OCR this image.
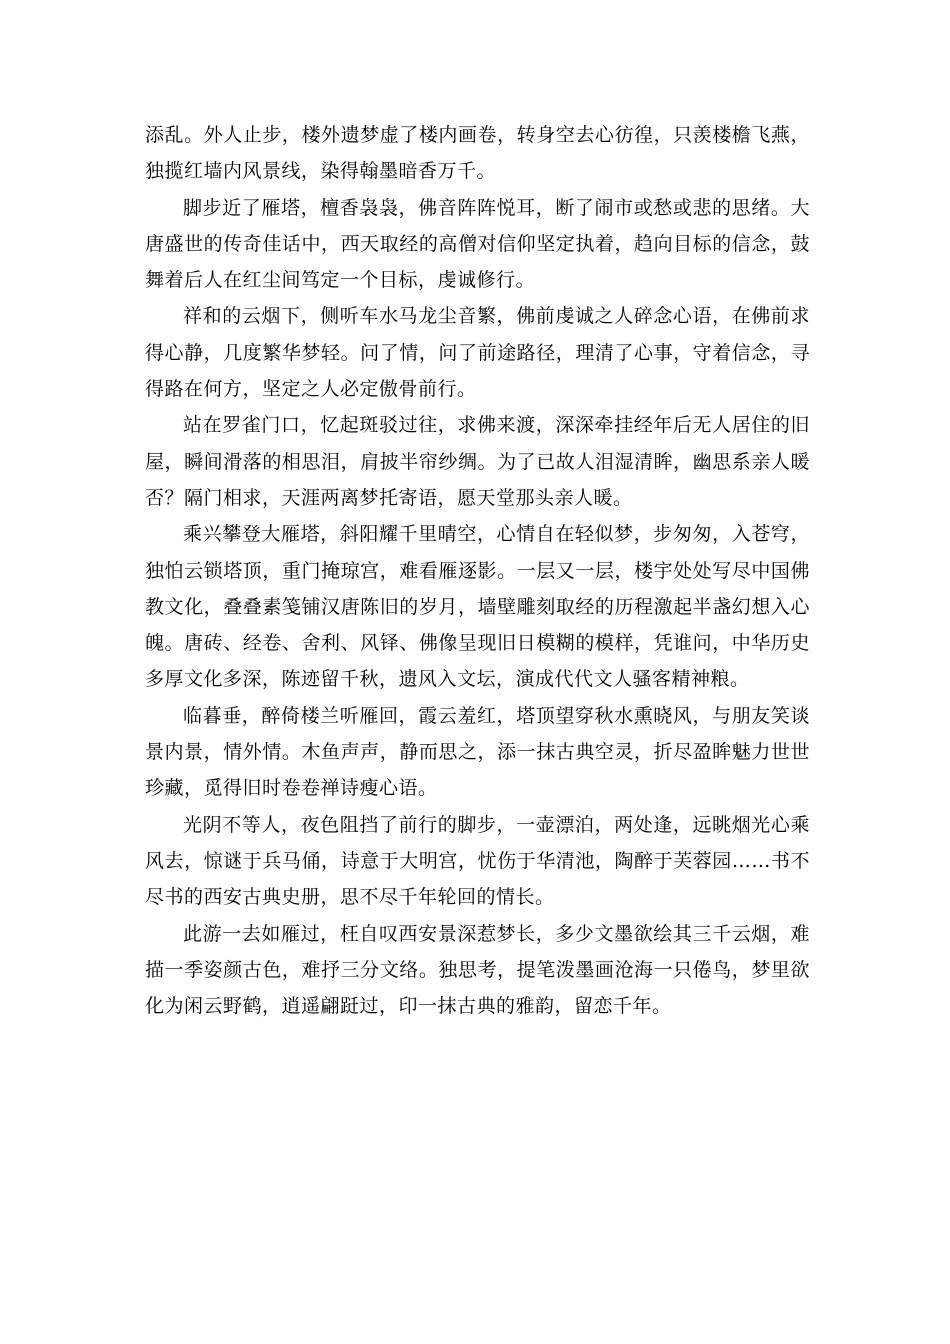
添乱。外人止步，楼外遗梦虚了楼内画卷，转身空去心彷徨，只羡楼檐飞燕，独揽红墙内风景线，染得翰墨暗香万千。

脚步近了雁塔，檀香袅袅，佛音阵阵悦耳，断了闹市或愁或悲的思绪。大唐盛世的传奇佳话中，西天取经的高僧对信仰坚定执着，趋向目标的信念，鼓舞着后人在红尘间笃定一个目标，虔诚修行。

祥和的云烟下，侧听车水马龙尘音繁，佛前虔诚之人碎念心语，在佛前求得心静，几度繁华梦轻。问了情，问了前途路径，理清了心事，守着信念，寻得路在何方，坚定之人必定傲骨前行。

站在罗雀门口，忆起斑驳过往，求佛来渡，深深牵挂经年后无人居住的旧屋，瞬间滑落的相思泪，肩披半帘纱绸。为了已故人泪湿清眸，幽思系亲人暖否？隔门相求，天涯两离梦托寄语，愿天堂那头亲人暖。

乘兴攀登大雁塔，斜阳耀千里晴空，心情自在轻似梦，步匆匆，入苍穹，独怕云锁塔顶，重门掩琼宫，难看雁逐影。一层又一层，楼宇处处写尽中国佛教文化，叠叠素笺铺汉唐陈旧的岁月，墙壁雕刻取经的历程激起半盏幻想入心魄。唐砖、经卷、舍利、风铎、佛像呈现旧日模糊的模样，凭谁问，中华历史多厚文化多深，陈迹留千秋，遗风入文坛，演成代代文人骚客精神粮。

临暮垂，醉倚楼兰听雁回，霞云羞红，塔顶望穿秋水熏晓风，与朋友笑谈景内景，情外情。木鱼声声，静而思之，添一抹古典空灵，折尽盈眸魅力世世珍藏，觅得旧时卷卷禅诗瘦心语。

光阴不等人，夜色阻挡了前行的脚步，一壶漂泊，两处逢，远眺烟光心乘风去，惊谜于兵马俑，诗意于大明宫，忧伤于华清池，陶醉于芙蓉园……书不尽书的西安古典史册，思不尽千年轮回的情长。

此游一去如雁过，枉自叹西安景深惹梦长，多少文墨欲绘其三千云烟，难描一季姿颜古色，难抒三分文络。独思考，提笔泼墨画沧海一只倦鸟，梦里欲化为闲云野鹤，逍遥翩跹过，印一抹古典的雅韵，留恋千年。
